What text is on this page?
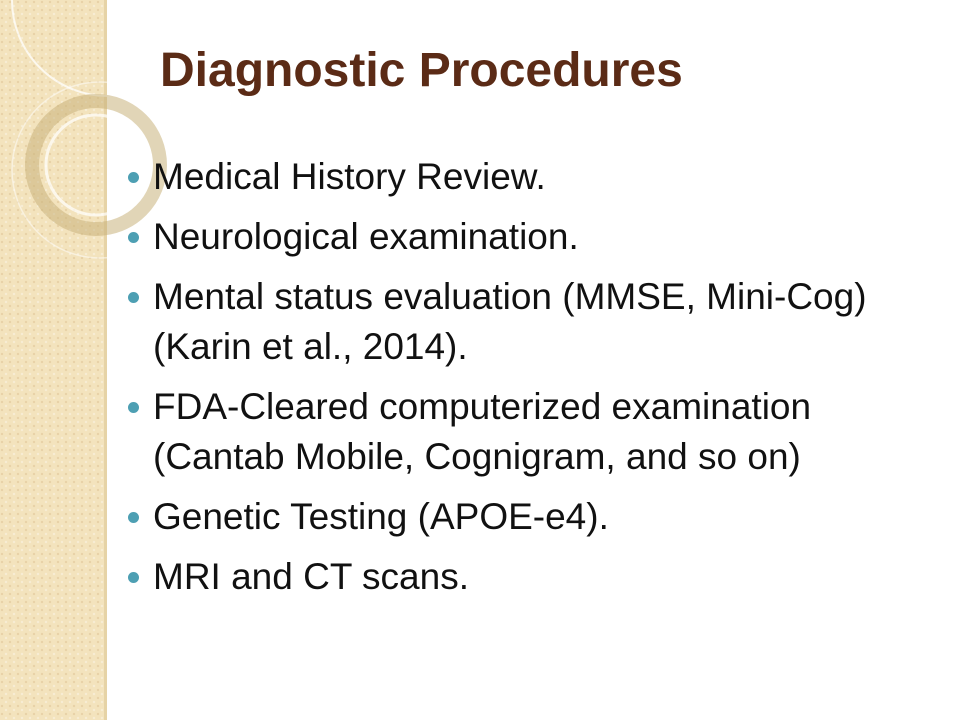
Diagnostic Procedures
Medical History Review.
Neurological examination.
Mental status evaluation (MMSE, Mini-Cog) (Karin et al., 2014).
FDA-Cleared computerized examination (Cantab Mobile, Cognigram, and so on)
Genetic Testing (APOE-e4).
MRI and CT scans.
